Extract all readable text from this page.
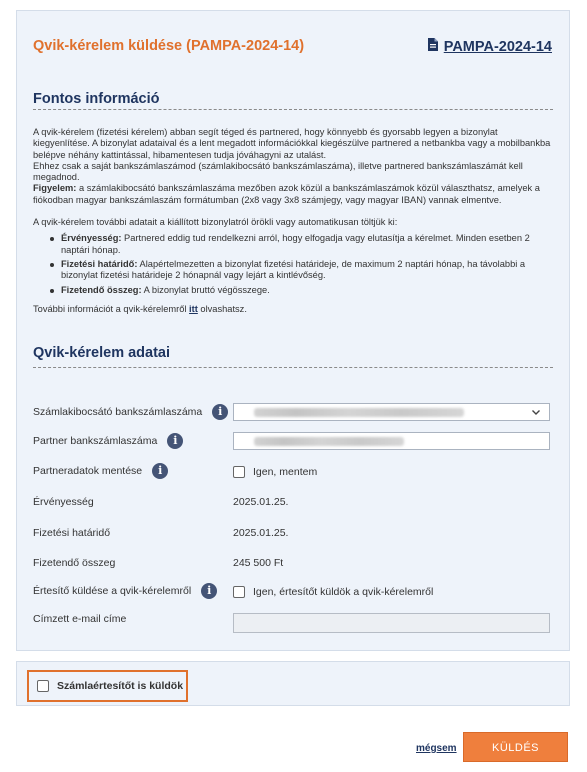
Qvik-kérelem küldése (PAMPA-2024-14)	PAMPA-2024-14
Fontos információ

A qvik-kérelem (fizetési kérelem) abban segít téged és partnered, hogy könnyebb és gyorsabb legyen a bizonylat kiegyenlítése. A bizonylat adataival és a lent megadott információkkal kiegészülve partnered a netbankba vagy a mobilbankba belépve néhány kattintással, hibamentesen tudja jóváhagyni az utalást.

Ehhez csak a saját bankszámlaszámod (számlakibocsátó bankszámlaszáma), illetve partnered bankszámlaszámát kell megadnod.

Figyelem: a számlakibocsátó bankszámlaszáma mezőben azok közül a bankszámlaszámok közül választhatsz, amelyek a fiókodban magyar bankszámlaszám formátumban (2x8 vagy 3x8 számjegy, vagy magyar IBAN) vannak elmentve.

A qvik-kérelem további adatait a kiállított bizonylatról örökli vagy automatikusan töltjük ki:

Érvényesség: Partnered eddig tud rendelkezni arról, hogy elfogadja vagy elutasítja a kérelmet. Minden esetben 2 naptári hónap.
Fizetési határidő: Alapértelmezetten a bizonylat fizetési határideje, de maximum 2 naptári hónap, ha távolabbi a bizonylat fizetési határideje 2 hónapnál vagy lejárt a kintlévőség.
Fizetendő összeg: A bizonylat bruttó végösszege.

További információt a qvik-kérelemről itt olvashatsz.

Qvik-kérelem adatai
Számlakibocsátó bankszámlaszáma	i
Partner bankszámlaszáma	i
Partneradatok mentése	i	Igen, mentem
Érvényesség	2025.01.25.
Fizetési határidő	2025.01.25.
Fizetendő összeg	245 500 Ft
Értesítő küldése a qvik-kérelemről	i	Igen, értesítőt küldök a qvik-kérelemről
Címzett e-mail címe
Számlaértesítőt is küldök
mégsem	KÜLDÉS
